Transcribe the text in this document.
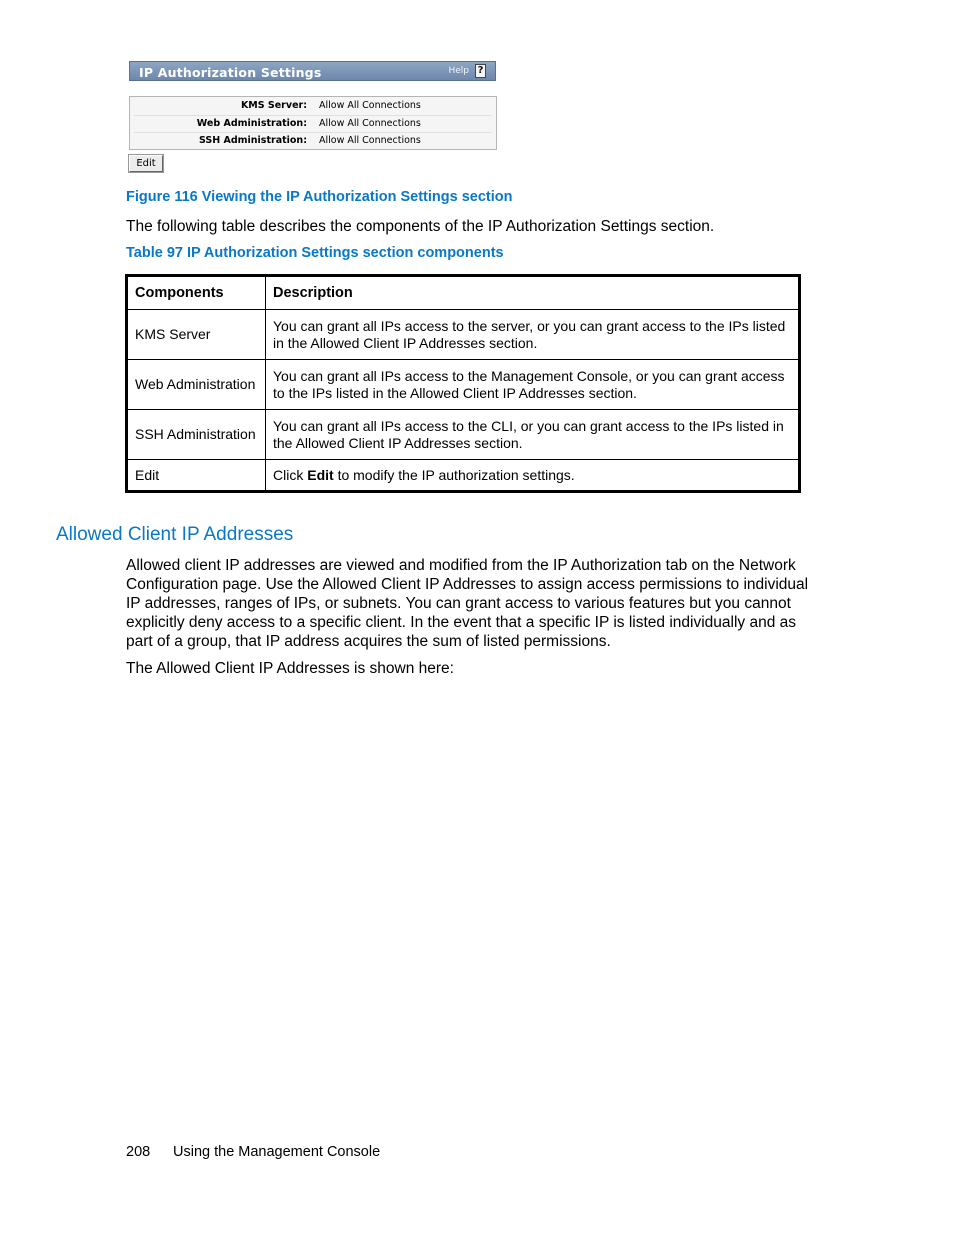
IP Authorization Settings	Help ?
KMS Server: Allow All Connections
Web Administration: Allow All Connections
SSH Administration: Allow All Connections
Edit
Figure 116 Viewing the IP Authorization Settings section
The following table describes the components of the IP Authorization Settings section.
Table 97 IP Authorization Settings section components
Components	Description
KMS Server	You can grant all IPs access to the server, or you can grant access to the IPs listed in the Allowed Client IP Addresses section.
Web Administration	You can grant all IPs access to the Management Console, or you can grant access to the IPs listed in the Allowed Client IP Addresses section.
SSH Administration	You can grant all IPs access to the CLI, or you can grant access to the IPs listed in the Allowed Client IP Addresses section.
Edit	Click Edit to modify the IP authorization settings.
Allowed Client IP Addresses
Allowed client IP addresses are viewed and modified from the IP Authorization tab on the Network
Configuration page. Use the Allowed Client IP Addresses to assign access permissions to individual
IP addresses, ranges of IPs, or subnets. You can grant access to various features but you cannot
explicitly deny access to a specific client. In the event that a specific IP is listed individually and as
part of a group, that IP address acquires the sum of listed permissions.
The Allowed Client IP Addresses is shown here:
208 Using the Management Console
